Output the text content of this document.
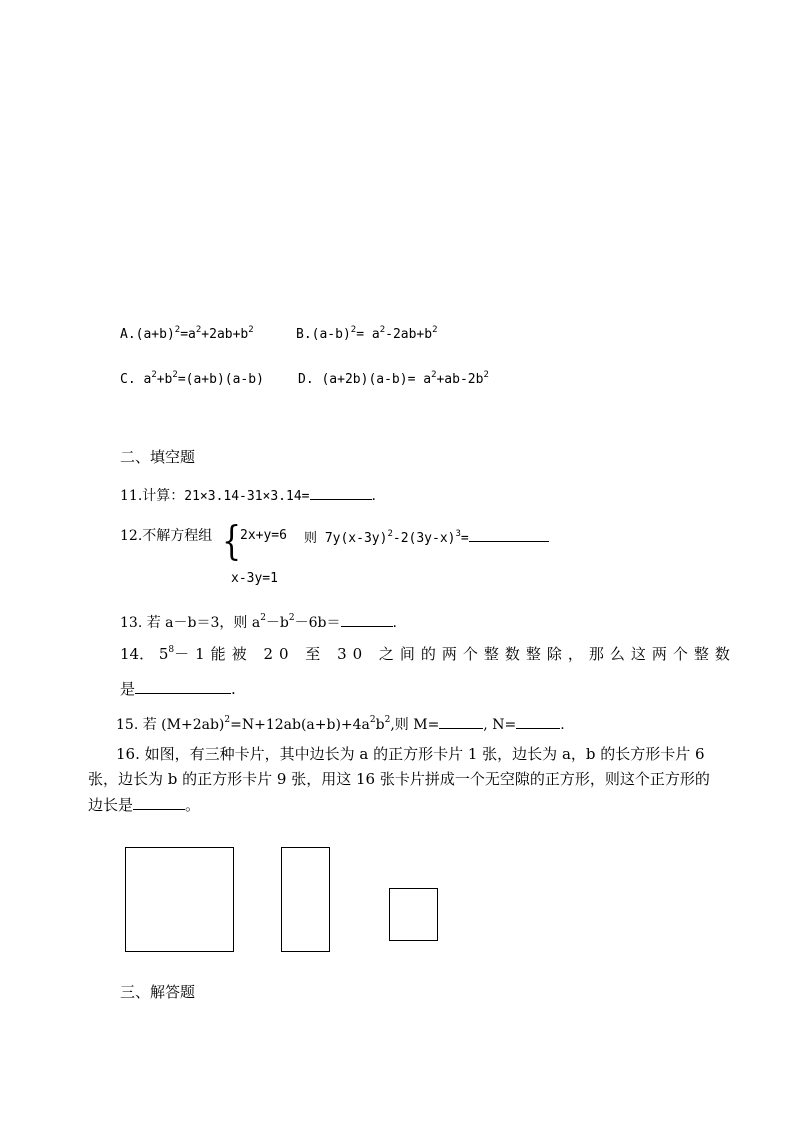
$A.(a+b)^2=a^2+2ab+b^2$	$B.(a-b)^2= a^2-2ab+b^2$
C. $a^2+b^2=(a+b)(a-b)$	D. $(a+2b)(a-b)= a^2+ab-2b^2$
二、填空题
11.计算：21×3.14-31×3.14=	.
12.不解方程组 {
2x+y=6 则 $7y(x-3y)^2-2(3y-x)^3=$
x-3y=1
13. 若 a－b＝3，则 $a^2-b^2-6b=$	.
14． $5^8-1$能被 20 至 30 之间的两个整数整除，那么这两个整数
是	.
15. 若 $(M+2ab)^2=N+12ab(a+b)+4a^2b^2$,则 M=	, N=	.
16. 如图，有三种卡片，其中边长为 a 的正方形卡片 1 张，边长为 a，b 的长方形卡片 6
张，边长为 b 的正方形卡片 9 张，用这 16 张卡片拼成一个无空隙的正方形，则这个正方形的
边长是	。
三、解答题
